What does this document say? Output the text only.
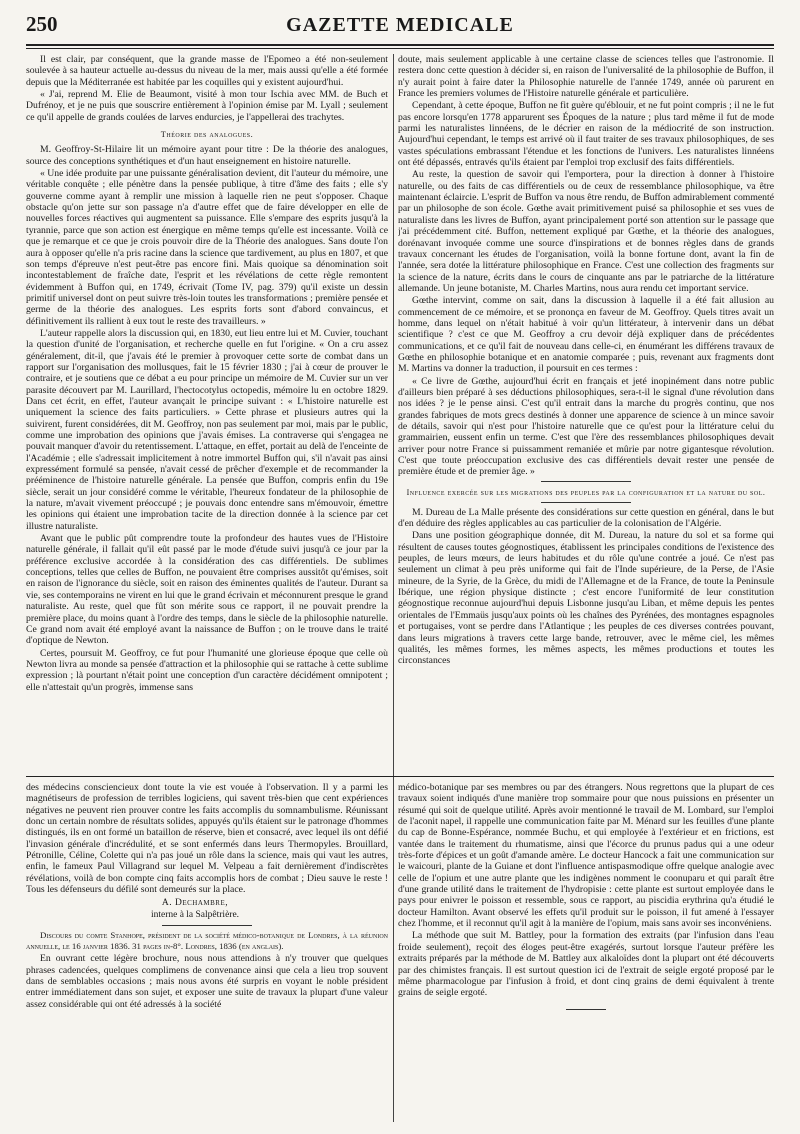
250	GAZETTE MEDICALE

Il est clair, par conséquent, que la grande masse de l'Epomeo a été non-seulement soulevée à sa hauteur actuelle au-dessus du niveau de la mer, mais aussi qu'elle a été formée depuis que la Méditerranée est habitée par les coquilles qui y existent aujourd'hui.

« J'ai, reprend M. Elie de Beaumont, visité à mon tour Ischia avec MM. de Buch et Dufrénoy, et je ne puis que souscrire entièrement à l'opinion émise par M. Lyall ; seulement ce qu'il appelle de grands coulées de larves endurcies, je l'appellerai des trachytes.

Théorie des analogues.

M. Geoffroy-St-Hilaire lit un mémoire ayant pour titre : De la théorie des analogues, source des conceptions synthétiques et d'un haut enseignement en histoire naturelle.

« Une idée produite par une puissante généralisation devient, dit l'auteur du mémoire, une véritable conquête ; elle pénètre dans la pensée publique, à titre d'âme des faits ; elle s'y gouverne comme ayant à remplir une mission à laquelle rien ne peut s'opposer. Chaque obstacle qu'on jette sur son passage n'a d'autre effet que de faire développer en elle de nouvelles forces réactives qui augmentent sa puissance. Elle s'empare des esprits jusqu'à la tyrannie, parce que son action est énergique en même temps qu'elle est incessante. Voilà ce que je remarque et ce que je crois pouvoir dire de la Théorie des analogues. Sans doute l'on aura à opposer qu'elle n'a pris racine dans la science que tardivement, au plus en 1807, et que son temps d'épreuve n'est peut-être pas encore fini. Mais quoique sa dénomination soit incontestablement de fraîche date, l'esprit et les révélations de cette règle remontent évidemment à Buffon qui, en 1749, écrivait (Tome IV, pag. 379) qu'il existe un dessin primitif universel dont on peut suivre très-loin toutes les transformations ; première pensée et germe de la théorie des analogues. Les esprits forts sont d'abord convaincus, et définitivement ils rallient à eux tout le reste des travailleurs. »

L'auteur rappelle alors la discussion qui, en 1830, eut lieu entre lui et M. Cuvier, touchant la question d'unité de l'organisation, et recherche quelle en fut l'origine. « On a cru assez généralement, dit-il, que j'avais été le premier à provoquer cette sorte de combat dans un rapport sur l'organisation des mollusques, fait le 15 février 1830 ; j'ai à cœur de prouver le contraire, et je soutiens que ce débat a eu pour principe un mémoire de M. Cuvier sur un ver parasite découvert par M. Laurillard, l'hectocotylus octopedis, mémoire lu en octobre 1829. Dans cet écrit, en effet, l'auteur avançait le principe suivant : « L'histoire naturelle est uniquement la science des faits particuliers. » Cette phrase et plusieurs autres qui la suivirent, furent considérées, dit M. Geoffroy, non pas seulement par moi, mais par le public, comme une improbation des opinions que j'avais émises. La contraverse qui s'engagea ne pouvait manquer d'avoir du retentissement. L'attaque, en effet, portait au delà de l'enceinte de l'Académie ; elle s'adressait implicitement à notre immortel Buffon qui, s'il n'avait pas ainsi expressément formulé sa pensée, n'avait cessé de prêcher d'exemple et de recommander la prééminence de l'histoire naturelle générale. La pensée que Buffon, compris enfin du 19e siècle, serait un jour considéré comme le véritable, l'heureux fondateur de la philosophie de la nature, m'avait vivement préoccupé ; je pouvais donc entendre sans m'émouvoir, émettre les opinions qui étaient une improbation tacite de la direction donnée à la science par cet illustre naturaliste.

Avant que le public pût comprendre toute la profondeur des hautes vues de l'Histoire naturelle générale, il fallait qu'il eût passé par le mode d'étude suivi jusqu'à ce jour par la préférence exclusive accordée à la considération des cas différentiels. De sublimes conceptions, telles que celles de Buffon, ne pouvaient être comprises aussitôt qu'émises, soit en raison de l'ignorance du siècle, soit en raison des éminentes qualités de l'auteur. Durant sa vie, ses contemporains ne virent en lui que le grand écrivain et méconnurent presque le grand naturaliste. Au reste, quel que fût son mérite sous ce rapport, il ne pouvait prendre la première place, du moins quant à l'ordre des temps, dans le siècle de la philosophie naturelle. Ce grand nom avait été employé avant la naissance de Buffon ; on le trouve dans le traité d'optique de Newton.

Certes, poursuit M. Geoffroy, ce fut pour l'humanité une glorieuse époque que celle où Newton livra au monde sa pensée d'attraction et la philosophie qui se rattache à cette sublime expression ; là pourtant n'était point une conception d'un caractère décidément omnipotent ; elle n'attestait qu'un progrès, immense sans

doute, mais seulement applicable à une certaine classe de sciences telles que l'astronomie. Il restera donc cette question à décider si, en raison de l'universalité de la philosophie de Buffon, il n'y aurait point à faire dater la Philosophie naturelle de l'année 1749, année où parurent en France les premiers volumes de l'Histoire naturelle générale et particulière.

Cependant, à cette époque, Buffon ne fit guère qu'éblouir, et ne fut point compris ; il ne le fut pas encore lorsqu'en 1778 apparurent ses Époques de la nature ; plus tard même il fut de mode parmi les naturalistes linnéens, de le décrier en raison de la médiocrité de son instruction. Aujourd'hui cependant, le temps est arrivé où il faut traiter de ses travaux philosophiques, de ses vastes spéculations embrassant l'étendue et les fonctions de l'univers. Les naturalistes linnéens ont été dépassés, entravés qu'ils étaient par l'emploi trop exclusif des faits différentiels.

Au reste, la question de savoir qui l'emportera, pour la direction à donner à l'histoire naturelle, ou des faits de cas différentiels ou de ceux de ressemblance philosophique, va être maintenant éclaircie. L'esprit de Buffon va nous être rendu, de Buffon admirablement commenté par un philosophe de son école. Gœthe avait primitivement puisé sa philosophie et ses vues de naturaliste dans les livres de Buffon, ayant principalement porté son attention sur le passage que j'ai précédemment cité. Buffon, nettement expliqué par Gœthe, et la théorie des analogues, dorénavant invoquée comme une source d'inspirations et de bonnes règles dans de grands travaux concernant les études de l'organisation, voilà la bonne fortune dont, avant la fin de l'année, sera dotée la littérature philosophique en France. C'est une collection des fragments sur la science de la nature, écrits dans le cours de cinquante ans par le patriarche de la littérature allemande. Un jeune botaniste, M. Charles Martins, nous aura rendu cet important service.

Gœthe intervint, comme on sait, dans la discussion à laquelle il a été fait allusion au commencement de ce mémoire, et se prononça en faveur de M. Geoffroy. Quels titres avait un homme, dans lequel on n'était habitué à voir qu'un littérateur, à intervenir dans un débat scientifique ? c'est ce que M. Geoffroy a cru devoir déjà expliquer dans de précédentes communications, et ce qu'il fait de nouveau dans celle-ci, en énumérant les différens travaux de Gœthe en philosophie botanique et en anatomie comparée ; puis, revenant aux fragments dont M. Martins va donner la traduction, il poursuit en ces termes :

« Ce livre de Gœthe, aujourd'hui écrit en français et jeté inopinément dans notre public d'ailleurs bien préparé à ses déductions philosophiques, sera-t-il le signal d'une révolution dans nos idées ? je le pense ainsi. C'est qu'il entrait dans la marche du progrès continu, que nos grandes fabriques de mots grecs destinés à donner une apparence de science à un mince savoir de détails, savoir qui n'est pour l'histoire naturelle que ce qu'est pour la littérature celui du grammairien, eussent enfin un terme. C'est que l'ère des ressemblances philosophiques devait arriver pour notre France si puissamment remaniée et mûrie par notre gigantesque révolution. C'est que toute préoccupation exclusive des cas différentiels devait rester une pensée de première étude et de premier âge. »

Influence exercée sur les migrations des peuples par la configuration et la nature du sol.

M. Dureau de La Malle présente des considérations sur cette question en général, dans le but d'en déduire des règles applicables au cas particulier de la colonisation de l'Algérie.

Dans une position géographique donnée, dit M. Dureau, la nature du sol et sa forme qui résultent de causes toutes géognostiques, établissent les principales conditions de l'existence des peuples, de leurs mœurs, de leurs habitudes et du rôle qu'une contrée a joué. Ce n'est pas seulement un climat à peu près uniforme qui fait de l'Inde supérieure, de la Perse, de l'Asie mineure, de la Syrie, de la Grèce, du midi de l'Allemagne et de la France, de toute la Peninsule Ibérique, une région physique distincte ; c'est encore l'uniformité de leur constitution géognostique reconnue aujourd'hui depuis Lisbonne jusqu'au Liban, et même depuis les pentes orientales de l'Emmaüs jusqu'aux points où les chaînes des Pyrénées, des montagnes espagnoles et portugaises, vont se perdre dans l'Atlantique ; les peuples de ces diverses contrées pouvant, dans leurs migrations à travers cette large bande, retrouver, avec le même ciel, les mêmes qualités, les mêmes formes, les mêmes aspects, les mêmes productions et toutes les circonstances

des médecins consciencieux dont toute la vie est vouée à l'observation. Il y a parmi les magnétiseurs de profession de terribles logiciens, qui savent très-bien que cent expériences négatives ne peuvent rien prouver contre les faits accomplis du somnambulisme. Réunissant donc un certain nombre de résultats solides, appuyés qu'ils étaient sur le patronage d'hommes distingués, ils en ont formé un bataillon de réserve, bien et consacré, avec lequel ils ont défié l'invasion générale d'incrédulité, et se sont enfermés dans leurs Thermopyles. Brouillard, Pétronille, Céline, Colette qui n'a pas joué un rôle dans la science, mais qui vaut les autres, enfin, le fameux Paul Villagrand sur lequel M. Velpeau a fait dernièrement d'indiscrètes révélations, voilà de bon compte cinq faits accomplis hors de combat ; Dieu sauve le reste ! Tous les défenseurs du défilé sont demeurés sur la place.

A. Dechambre,
interne à la Salpêtrière.

Discours du comte Stanhope, président de la société médico-botanique de Londres, à la réunion annuelle, le 16 janvier 1836. 31 pages in-8°. Londres, 1836 (en anglais).

En ouvrant cette légère brochure, nous nous attendions à n'y trouver que quelques phrases cadencées, quelques complimens de convenance ainsi que cela a lieu trop souvent dans de semblables occasions ; mais nous avons été surpris en voyant le noble président entrer immédiatement dans son sujet, et exposer une suite de travaux la plupart d'une valeur assez considérable qui ont été adressés à la société

médico-botanique par ses membres ou par des étrangers. Nous regrettons que la plupart de ces travaux soient indiqués d'une manière trop sommaire pour que nous puissions en présenter un résumé qui soit de quelque utilité. Après avoir mentionné le travail de M. Lombard, sur l'emploi de l'aconit napel, il rappelle une communication faite par M. Ménard sur les feuilles d'une plante du cap de Bonne-Espérance, nommée Buchu, et qui employée à l'extérieur et en frictions, est vantée dans le traitement du rhumatisme, ainsi que l'écorce du prunus padus qui a une odeur très-forte d'épices et un goût d'amande amère. Le docteur Hancock a fait une communication sur le waicouri, plante de la Guiane et dont l'influence antispasmodique offre quelque analogie avec celle de l'opium et une autre plante que les indigènes nomment le coonuparu et qui paraît être d'une grande utilité dans le traitement de l'hydropisie : cette plante est surtout employée dans le pays pour enivrer le poisson et ressemble, sous ce rapport, au piscidia erythrina qu'a étudié le docteur Hamilton. Avant observé les effets qu'il produit sur le poisson, il fut amené à l'essayer chez l'homme, et il reconnut qu'il agit à la manière de l'opium, mais sans avoir ses inconvéniens.

La méthode que suit M. Battley, pour la formation des extraits (par l'infusion dans l'eau froide seulement), reçoit des éloges peut-être exagérés, surtout lorsque l'auteur préfère les extraits préparés par la méthode de M. Battley aux alkaloïdes dont la plupart ont été découverts par des chimistes français. Il est surtout question ici de l'extrait de seigle ergoté proposé par le même pharmacologue par l'infusion à froid, et dont cinq grains de demi équivalent à trente grains de seigle ergoté.
